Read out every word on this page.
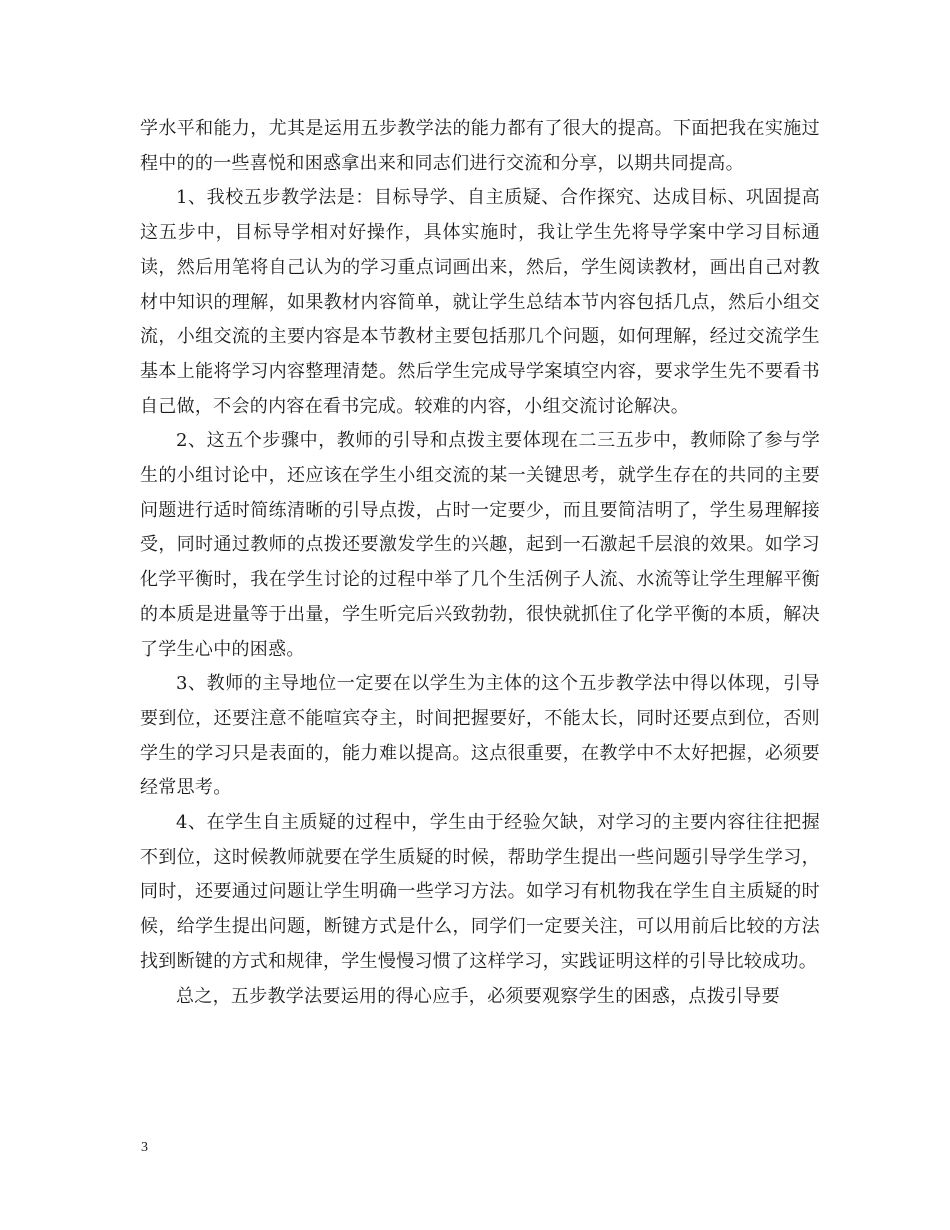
学水平和能力，尤其是运用五步教学法的能力都有了很大的提高。下面把我在实施过程中的的一些喜悦和困惑拿出来和同志们进行交流和分享，以期共同提高。

1、我校五步教学法是：目标导学、自主质疑、合作探究、达成目标、巩固提高这五步中，目标导学相对好操作，具体实施时，我让学生先将导学案中学习目标通读，然后用笔将自己认为的学习重点词画出来，然后，学生阅读教材，画出自己对教材中知识的理解，如果教材内容简单，就让学生总结本节内容包括几点，然后小组交流，小组交流的主要内容是本节教材主要包括那几个问题，如何理解，经过交流学生基本上能将学习内容整理清楚。然后学生完成导学案填空内容，要求学生先不要看书自己做，不会的内容在看书完成。较难的内容，小组交流讨论解决。

2、这五个步骤中，教师的引导和点拨主要体现在二三五步中，教师除了参与学生的小组讨论中，还应该在学生小组交流的某一关键思考，就学生存在的共同的主要问题进行适时简练清晰的引导点拨，占时一定要少，而且要简洁明了，学生易理解接受，同时通过教师的点拨还要激发学生的兴趣，起到一石激起千层浪的效果。如学习化学平衡时，我在学生讨论的过程中举了几个生活例子人流、水流等让学生理解平衡的本质是进量等于出量，学生听完后兴致勃勃，很快就抓住了化学平衡的本质，解决了学生心中的困惑。

3、教师的主导地位一定要在以学生为主体的这个五步教学法中得以体现，引导要到位，还要注意不能喧宾夺主，时间把握要好，不能太长，同时还要点到位，否则学生的学习只是表面的，能力难以提高。这点很重要，在教学中不太好把握，必须要经常思考。

4、在学生自主质疑的过程中，学生由于经验欠缺，对学习的主要内容往往把握不到位，这时候教师就要在学生质疑的时候，帮助学生提出一些问题引导学生学习，同时，还要通过问题让学生明确一些学习方法。如学习有机物我在学生自主质疑的时候，给学生提出问题，断键方式是什么，同学们一定要关注，可以用前后比较的方法找到断键的方式和规律，学生慢慢习惯了这样学习，实践证明这样的引导比较成功。

总之，五步教学法要运用的得心应手，必须要观察学生的困惑，点拨引导要

3
